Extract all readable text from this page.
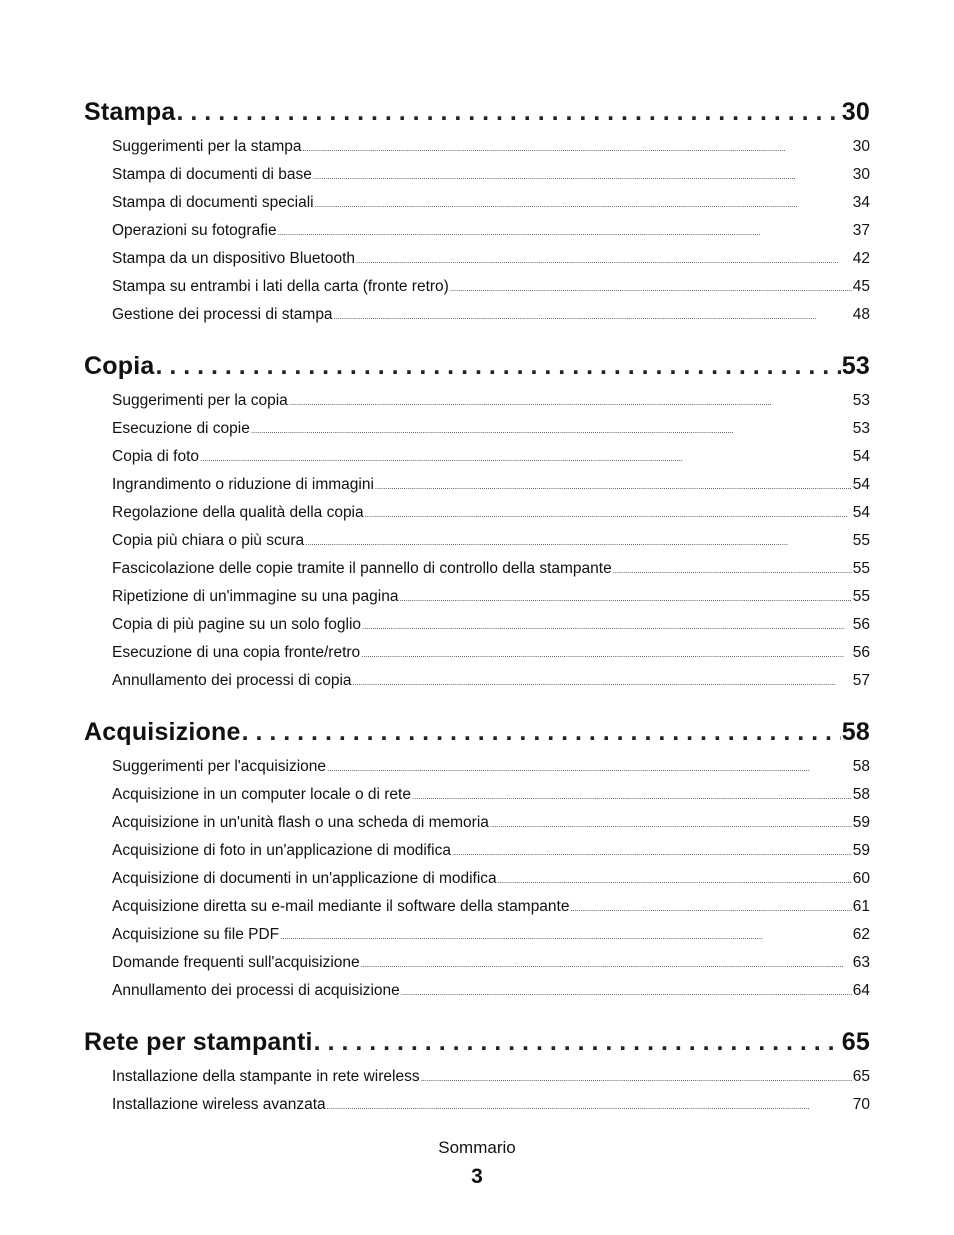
Stampa . . .	30
Suggerimenti per la stampa . . .	30
Stampa di documenti di base . . .	30
Stampa di documenti speciali . . .	34
Operazioni su fotografie . . .	37
Stampa da un dispositivo Bluetooth . . .	42
Stampa su entrambi i lati della carta (fronte retro) . . .	45
Gestione dei processi di stampa . . .	48
Copia . . .	53
Suggerimenti per la copia . . .	53
Esecuzione di copie . . .	53
Copia di foto . . .	54
Ingrandimento o riduzione di immagini . . .	54
Regolazione della qualità della copia . . .	54
Copia più chiara o più scura . . .	55
Fascicolazione delle copie tramite il pannello di controllo della stampante . . .	55
Ripetizione di un'immagine su una pagina . . .	55
Copia di più pagine su un solo foglio . . .	56
Esecuzione di una copia fronte/retro . . .	56
Annullamento dei processi di copia . . .	57
Acquisizione . . .	58
Suggerimenti per l'acquisizione . . .	58
Acquisizione in un computer locale o di rete . . .	58
Acquisizione in un'unità flash o una scheda di memoria . . .	59
Acquisizione di foto in un'applicazione di modifica . . .	59
Acquisizione di documenti in un'applicazione di modifica . . .	60
Acquisizione diretta su e-mail mediante il software della stampante . . .	61
Acquisizione su file PDF . . .	62
Domande frequenti sull'acquisizione . . .	63
Annullamento dei processi di acquisizione . . .	64
Rete per stampanti . . .	65
Installazione della stampante in rete wireless . . .	65
Installazione wireless avanzata . . .	70
Sommario
3
